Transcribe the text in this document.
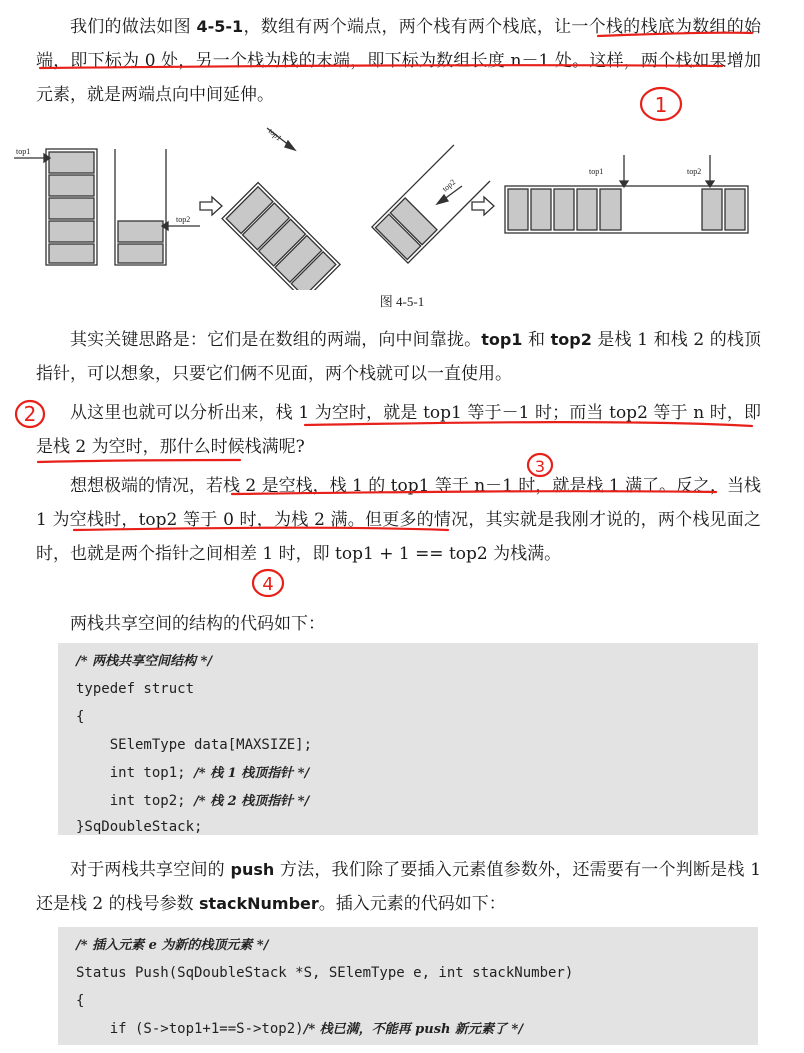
我们的做法如图 4-5-1，数组有两个端点，两个栈有两个栈底，让一个栈的栈底为数组的始端，即下标为 0 处，另一个栈为栈的末端，即下标为数组长度 n－1 处。这样，两个栈如果增加元素，就是两端点向中间延伸。

top1
top2
top1
top2
top1	top2
图 4-5-1

其实关键思路是：它们是在数组的两端，向中间靠拢。top1 和 top2 是栈 1 和栈 2 的栈顶指针，可以想象，只要它们俩不见面，两个栈就可以一直使用。

从这里也就可以分析出来，栈 1 为空时，就是 top1 等于－1 时；而当 top2 等于 n 时，即是栈 2 为空时，那什么时候栈满呢?

想想极端的情况，若栈 2 是空栈，栈 1 的 top1 等于 n－1 时，就是栈 1 满了。反之，当栈 1 为空栈时，top2 等于 0 时，为栈 2 满。但更多的情况，其实就是我刚才说的，两个栈见面之时，也就是两个指针之间相差 1 时，即 top1 + 1 == top2 为栈满。

两栈共享空间的结构的代码如下：

/* 两栈共享空间结构 */
typedef struct
{
SElemType data[MAXSIZE];
int top1; /* 栈 1 栈顶指针 */
int top2; /* 栈 2 栈顶指针 */
}SqDoubleStack;

对于两栈共享空间的 push 方法，我们除了要插入元素值参数外，还需要有一个判断是栈 1 还是栈 2 的栈号参数 stackNumber。插入元素的代码如下：

/* 插入元素 e 为新的栈顶元素 */
Status Push(SqDoubleStack *S, SElemType e, int stackNumber)
{
if (S->top1+1==S->top2)/* 栈已满，不能再 push 新元素了 */
1
2
3
4
